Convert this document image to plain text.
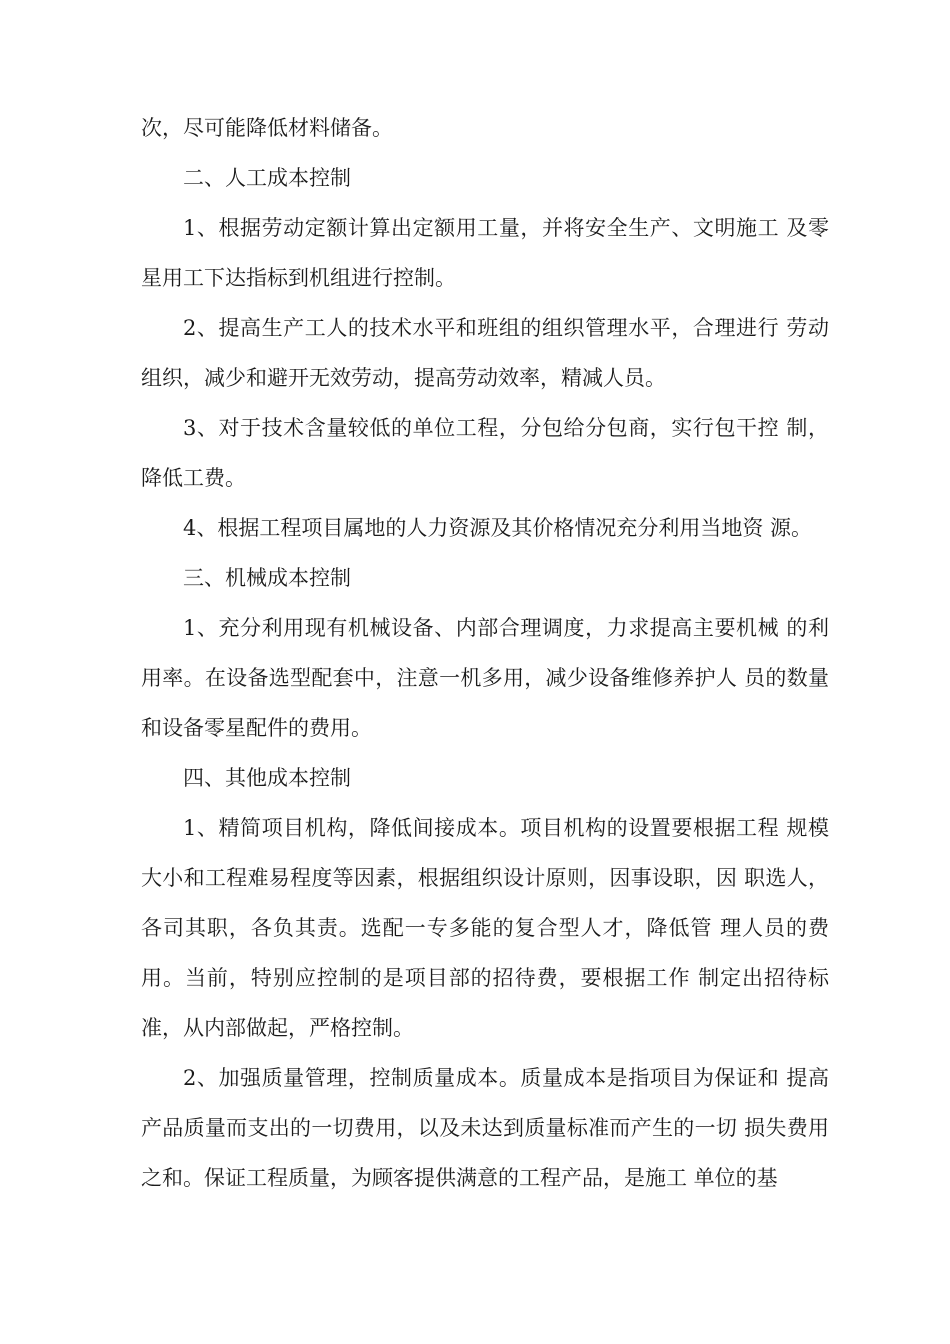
次，尽可能降低材料储备。

二、人工成本控制

1、根据劳动定额计算出定额用工量，并将安全生产、文明施工 及零星用工下达指标到机组进行控制。

2、提高生产工人的技术水平和班组的组织管理水平，合理进行 劳动组织，减少和避开无效劳动，提高劳动效率，精减人员。

3、对于技术含量较低的单位工程，分包给分包商，实行包干控 制，降低工费。

4、根据工程项目属地的人力资源及其价格情况充分利用当地资 源。

三、机械成本控制

1、充分利用现有机械设备、内部合理调度，力求提高主要机械 的利用率。在设备选型配套中，注意一机多用，减少设备维修养护人 员的数量和设备零星配件的费用。

四、其他成本控制

1、精简项目机构，降低间接成本。项目机构的设置要根据工程 规模大小和工程难易程度等因素，根据组织设计原则，因事设职，因 职选人，各司其职，各负其责。选配一专多能的复合型人才，降低管 理人员的费用。当前，特别应控制的是项目部的招待费，要根据工作 制定出招待标准，从内部做起，严格控制。

2、加强质量管理，控制质量成本。质量成本是指项目为保证和 提高产品质量而支出的一切费用，以及未达到质量标准而产生的一切 损失费用之和。保证工程质量，为顾客提供满意的工程产品，是施工 单位的基
